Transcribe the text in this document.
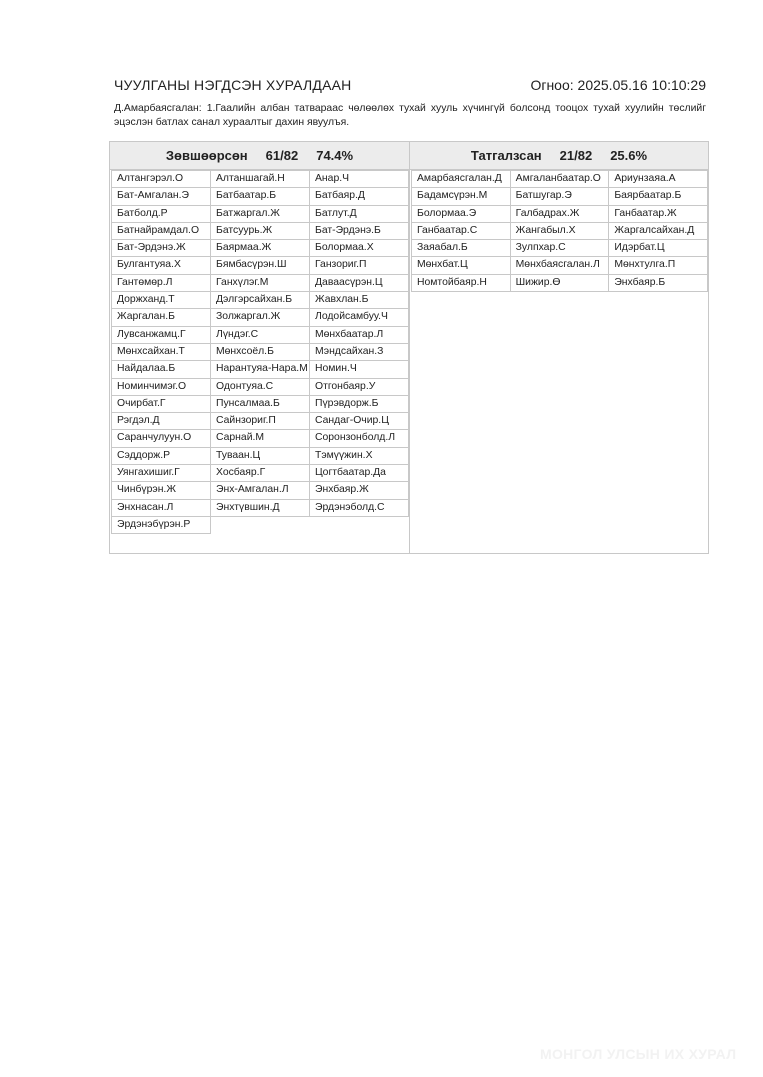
ЧУУЛГАНЫ НЭГДСЭН ХУРАЛДААН	Огноо: 2025.05.16 10:10:29
Д.Амарбаясгалан: 1.Гаалийн албан татвараас чөлөөлөх тухай хууль хүчингүй болсонд тооцох тухай хуулийн төслийг эцэслэн батлах санал хураалтыг дахин явуулъя.
Зөвшөөрсөн 61/82 74.4%
Алтангэрэл.О	Алтаншагай.Н	Анар.Ч
Бат-Амгалан.Э	Батбаатар.Б	Батбаяр.Д
Батболд.Р	Батжаргал.Ж	Батлут.Д
Батнайрамдал.О	Батсуурь.Ж	Бат-Эрдэнэ.Б
Бат-Эрдэнэ.Ж	Баярмаа.Ж	Болормаа.Х
Булгантуяа.Х	Бямбасүрэн.Ш	Ганзориг.П
Гантөмөр.Л	Ганхүлэг.М	Даваасүрэн.Ц
Доржханд.Т	Дэлгэрсайхан.Б	Жавхлан.Б
Жаргалан.Б	Золжаргал.Ж	Лодойсамбуу.Ч
Лувсанжамц.Г	Лүндэг.С	Мөнхбаатар.Л
Мөнхсайхан.Т	Мөнхсоёл.Б	Мэндсайхан.З
Найдалаа.Б	Нарантуяа-Нара.М Номин.Ч
Номинчимэг.О	Одонтуяа.С	Отгонбаяр.У
Очирбат.Г	Пунсалмаа.Б	Пүрэвдорж.Б
Рэгдэл.Д	Сайнзориг.П	Сандаг-Очир.Ц
Саранчулуун.О	Сарнай.М	Соронзонболд.Л
Сэддорж.Р	Туваан.Ц	Тэмүүжин.Х
Уянгахишиг.Г	Хосбаяр.Г	Цогтбаатар.Да
Чинбүрэн.Ж	Энх-Амгалан.Л	Энхбаяр.Ж
Энхнасан.Л	Энхтүвшин.Д	Эрдэнэболд.С
Эрдэнэбүрэн.Р
Татгалзсан 21/82 25.6%
Амарбаясгалан.Д	Амгаланбаатар.О	Ариунзаяа.А
Бадамсүрэн.М	Батшугар.Э	Баярбаатар.Б
Болормаа.Э	Галбадрах.Ж	Ганбаатар.Ж
Ганбаатар.С	Жангабыл.Х	Жаргалсайхан.Д
Заяабал.Б	Зулпхар.С	Идэрбат.Ц
Мөнхбат.Ц	Мөнхбаясгалан.Л	Мөнхтулга.П
Номтойбаяр.Н	Шижир.Ө	Энхбаяр.Б
МОНГОЛ УЛСЫН ИХ ХУРАЛ
